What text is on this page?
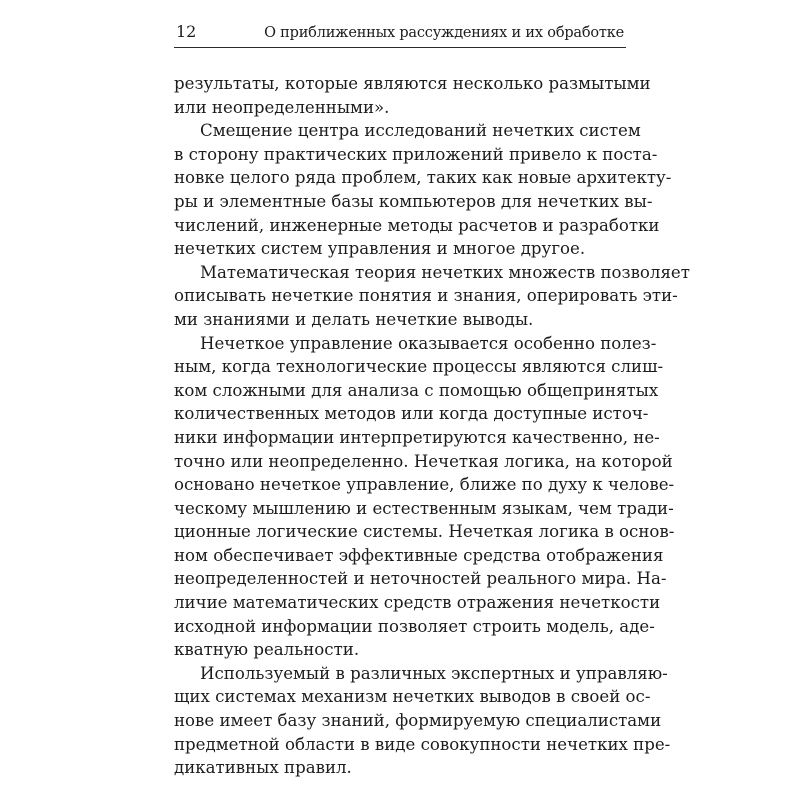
12	О приближенных рассуждениях и их обработке
результаты, которые являются несколько размытыми
или неопределенными».
Смещение центра исследований нечетких систем
в сторону практических приложений привело к поста-
новке целого ряда проблем, таких как новые архитекту-
ры и элементные базы компьютеров для нечетких вы-
числений, инженерные методы расчетов и разработки
нечетких систем управления и многое другое.
Математическая теория нечетких множеств позволяет
описывать нечеткие понятия и знания, оперировать эти-
ми знаниями и делать нечеткие выводы.
Нечеткое управление оказывается особенно полез-
ным, когда технологические процессы являются слиш-
ком сложными для анализа с помощью общепринятых
количественных методов или когда доступные источ-
ники информации интерпретируются качественно, не-
точно или неопределенно. Нечеткая логика, на которой
основано нечеткое управление, ближе по духу к челове-
ческому мышлению и естественным языкам, чем тради-
ционные логические системы. Нечеткая логика в основ-
ном обеспечивает эффективные средства отображения
неопределенностей и неточностей реального мира. На-
личие математических средств отражения нечеткости
исходной информации позволяет строить модель, аде-
кватную реальности.
Используемый в различных экспертных и управляю-
щих системах механизм нечетких выводов в своей ос-
нове имеет базу знаний, формируемую специалистами
предметной области в виде совокупности нечетких пре-
дикативных правил.
